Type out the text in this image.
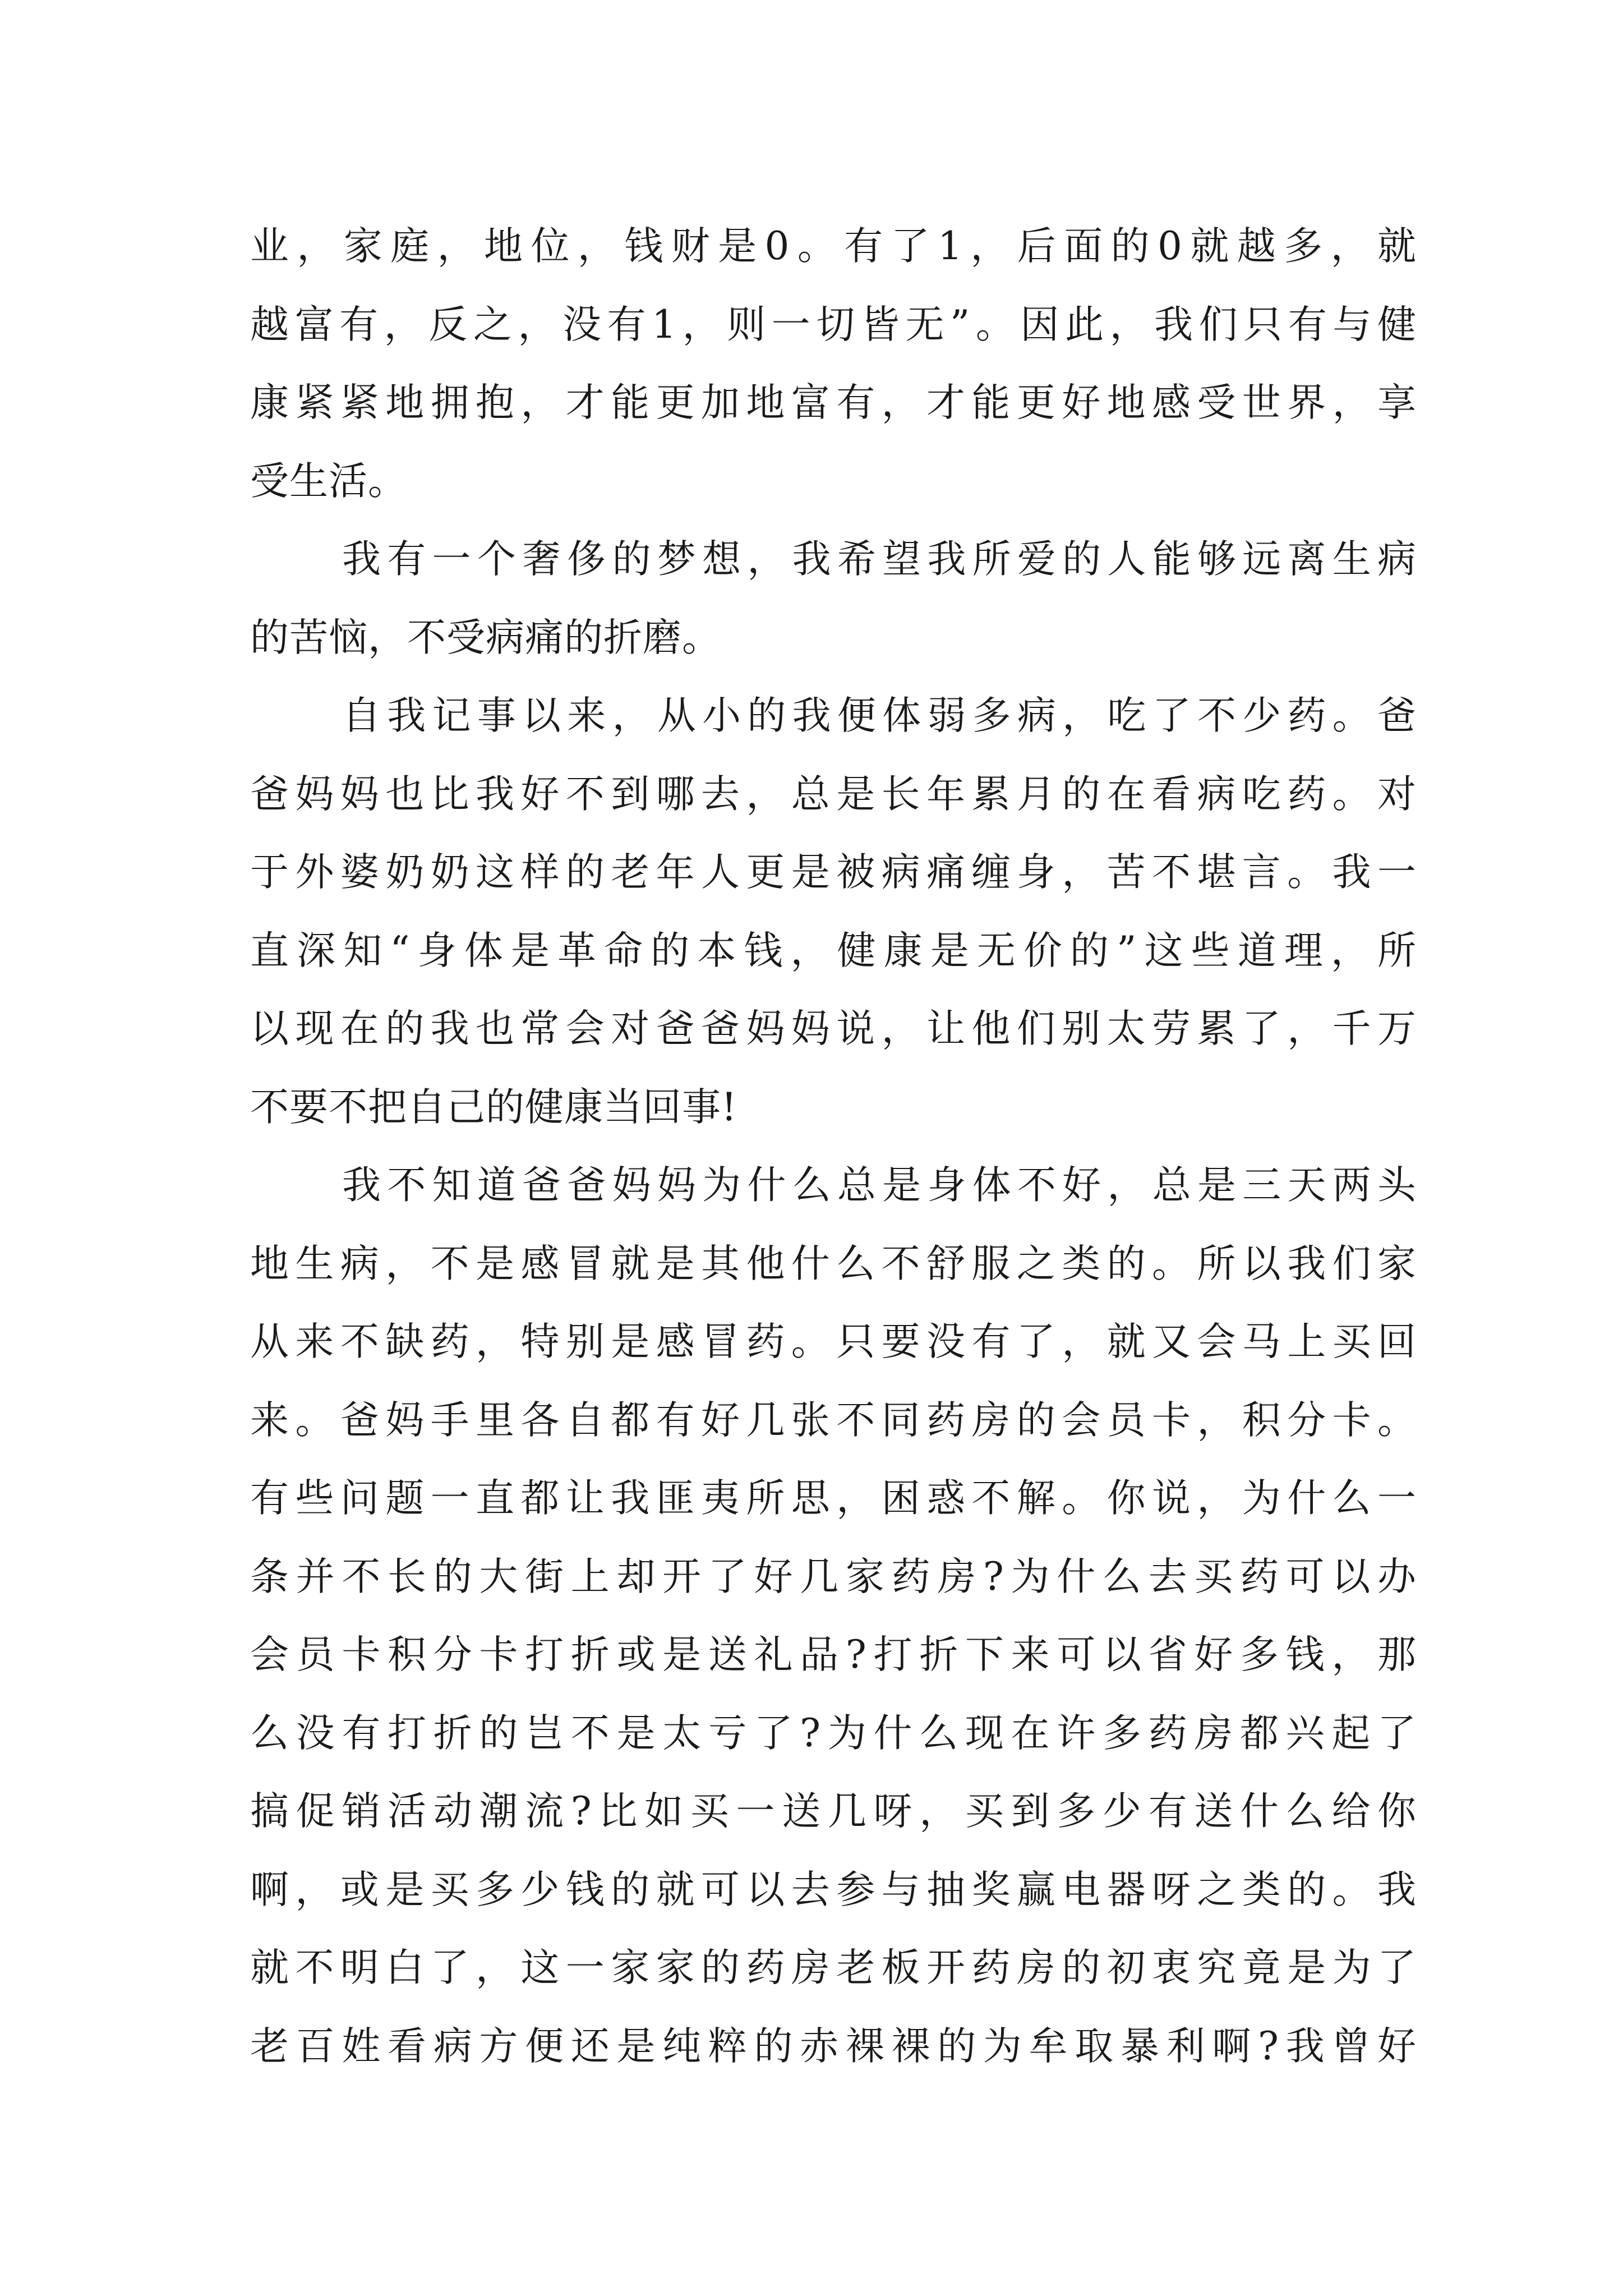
业，家庭，地位，钱财是0。有了1，后面的0就越多，就
越富有，反之，没有1，则一切皆无”。因此，我们只有与健
康紧紧地拥抱，才能更加地富有，才能更好地感受世界，享
受生活。
我有一个奢侈的梦想，我希望我所爱的人能够远离生病
的苦恼，不受病痛的折磨。
自我记事以来，从小的我便体弱多病，吃了不少药。爸
爸妈妈也比我好不到哪去，总是长年累月的在看病吃药。对
于外婆奶奶这样的老年人更是被病痛缠身，苦不堪言。我一
直深知“身体是革命的本钱，健康是无价的”这些道理，所
以现在的我也常会对爸爸妈妈说，让他们别太劳累了，千万
不要不把自己的健康当回事!
我不知道爸爸妈妈为什么总是身体不好，总是三天两头
地生病，不是感冒就是其他什么不舒服之类的。所以我们家
从来不缺药，特别是感冒药。只要没有了，就又会马上买回
来。爸妈手里各自都有好几张不同药房的会员卡，积分卡。
有些问题一直都让我匪夷所思，困惑不解。你说，为什么一
条并不长的大街上却开了好几家药房?为什么去买药可以办
会员卡积分卡打折或是送礼品?打折下来可以省好多钱，那
么没有打折的岂不是太亏了?为什么现在许多药房都兴起了
搞促销活动潮流?比如买一送几呀，买到多少有送什么给你
啊，或是买多少钱的就可以去参与抽奖赢电器呀之类的。我
就不明白了，这一家家的药房老板开药房的初衷究竟是为了
老百姓看病方便还是纯粹的赤裸裸的为牟取暴利啊?我曾好
